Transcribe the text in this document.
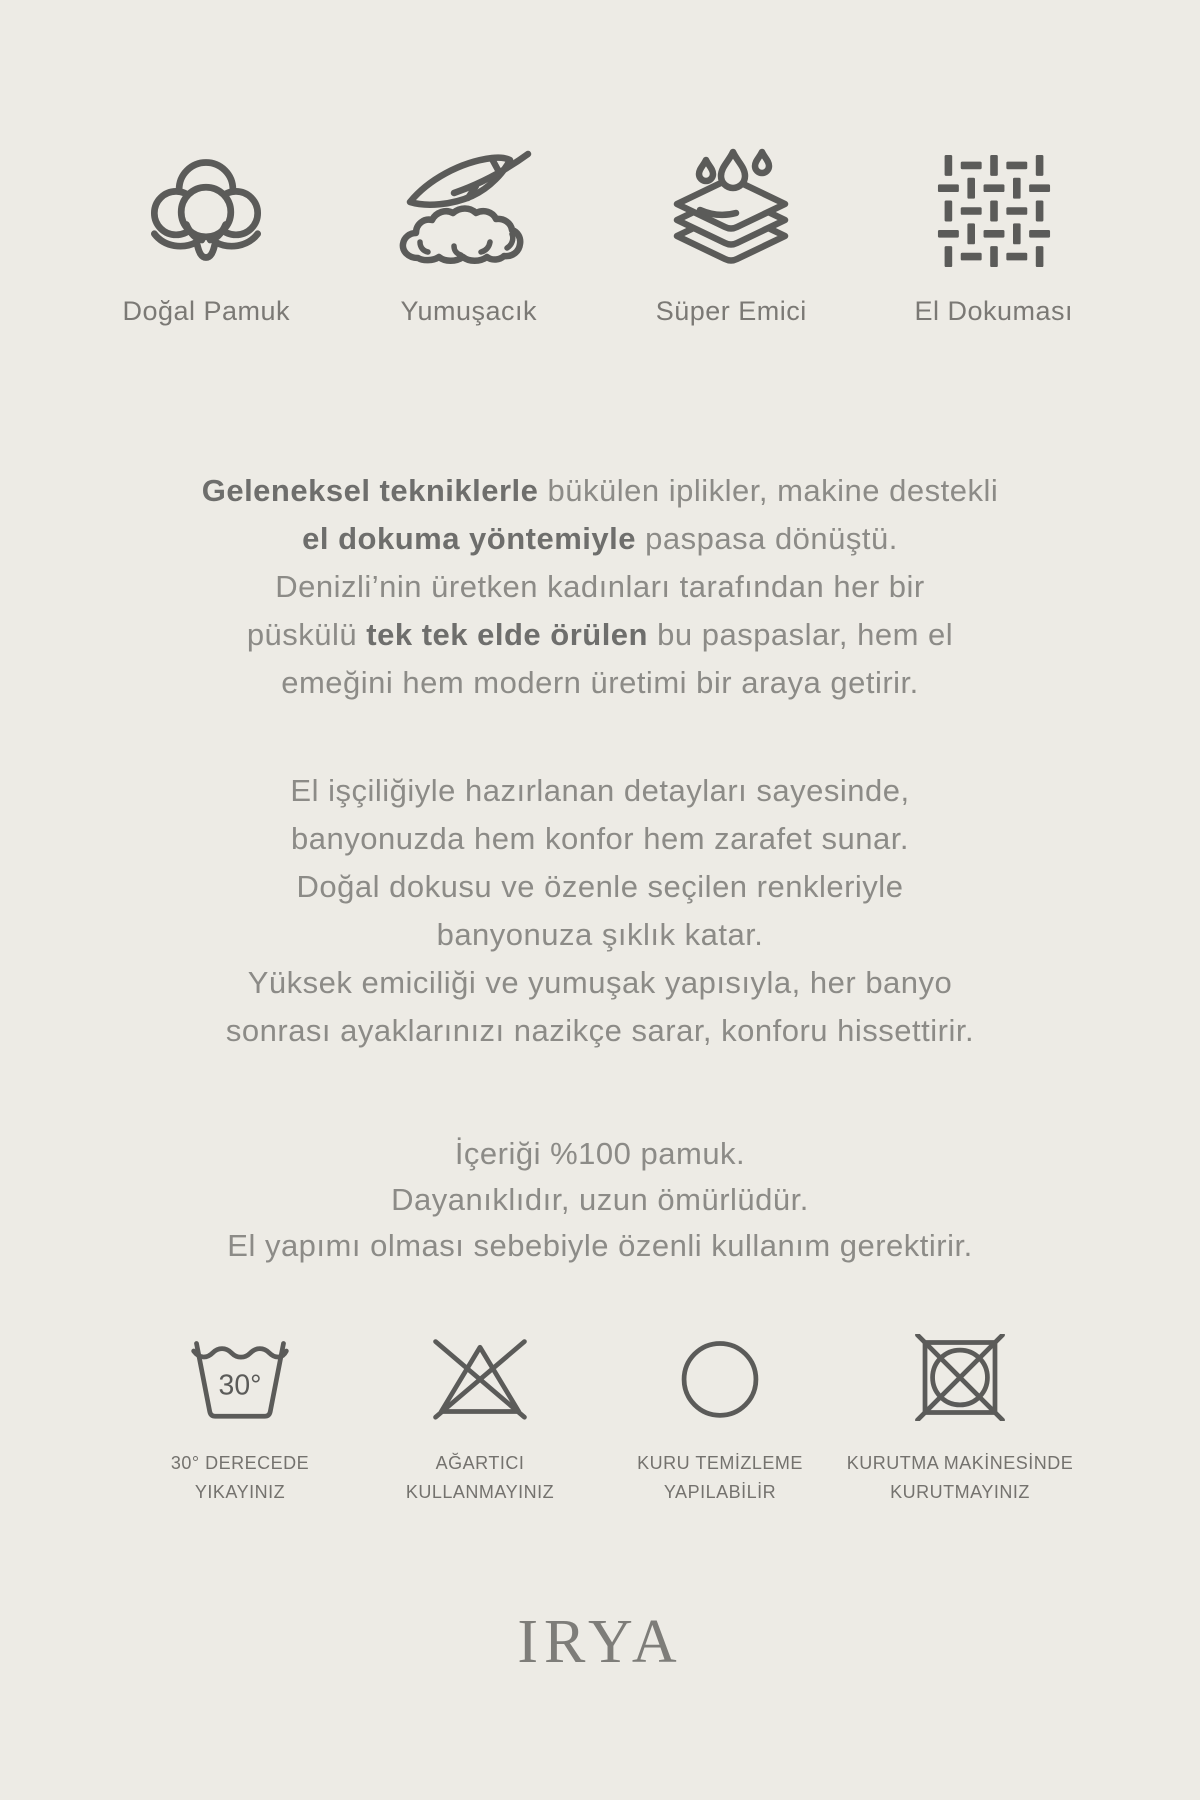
Doğal Pamuk	Yumuşacık	Süper Emici	El Dokuması
Geleneksel tekniklerle bükülen iplikler, makine destekli
el dokuma yöntemiyle paspasa dönüştü.
Denizli’nin üretken kadınları tarafından her bir
püskülü tek tek elde örülen bu paspaslar, hem el
emeğini hem modern üretimi bir araya getirir.
El işçiliğiyle hazırlanan detayları sayesinde,
banyonuzda hem konfor hem zarafet sunar.
Doğal dokusu ve özenle seçilen renkleriyle
banyonuza şıklık katar.
Yüksek emiciliği ve yumuşak yapısıyla, her banyo
sonrası ayaklarınızı nazikçe sarar, konforu hissettirir.
İçeriği %100 pamuk.
Dayanıklıdır, uzun ömürlüdür.
El yapımı olması sebebiyle özenli kullanım gerektirir.
30°
30° DERECEDE
YIKAYINIZ
AĞARTICI
KULLANMAYINIZ
KURU TEMİZLEME
YAPILABİLİR
KURUTMA MAKİNESİNDE
KURUTMAYINIZ
IRYA
